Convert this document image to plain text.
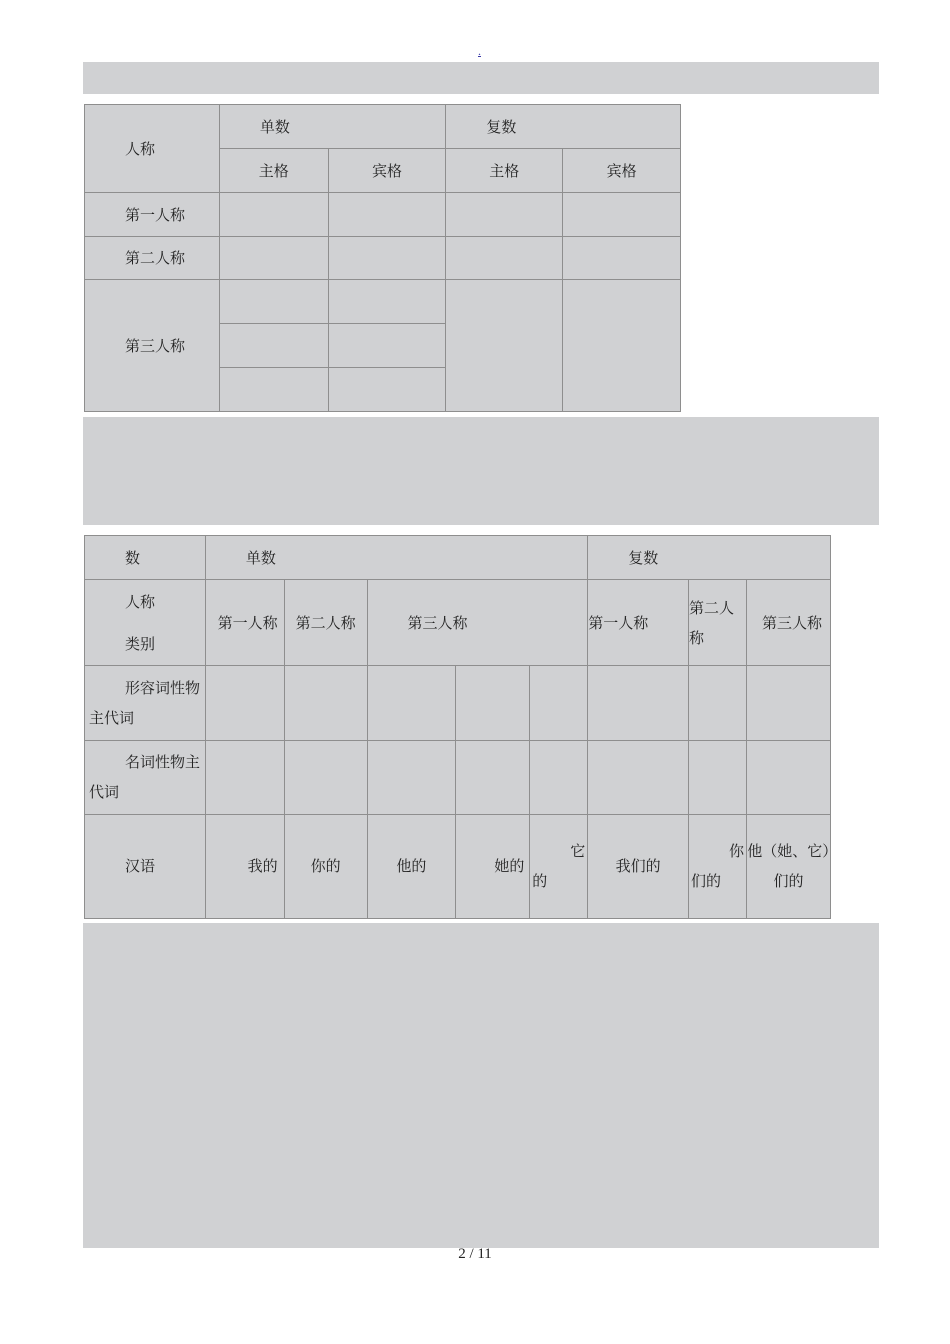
.
人称	单数		复数	
	主格	宾格	主格	宾格
第一人称				
第二人称				
第三人称				

数	单数					复数		

人称
类别	第一人称	第二人称	第三人称			第一人称	第二人称	第三人称
形容词性物主代词								
名词性物主代词								
汉语	我的	你的	他的	她的	它的	我们的	你们的	他（她、它）们的
2 / 11
